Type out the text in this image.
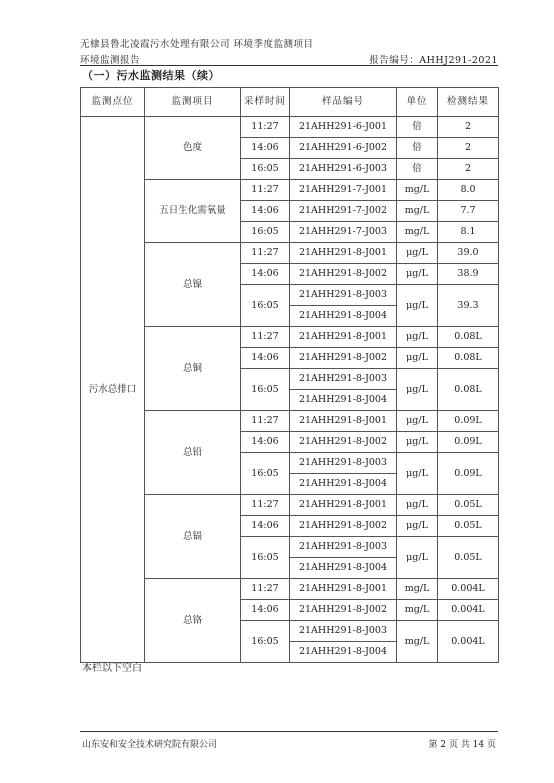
无棣县鲁北凌霞污水处理有限公司 环境季度监测项目
环境监测报告	报告编号：AHHJ291-2021
（一）污水监测结果（续）
监测点位	监测项目	采样时间	样品编号	单位	检测结果
污水总排口	色度	11:27	21AHH291-6-J001	倍	2
		14:06	21AHH291-6-J002	倍	2
		16:05	21AHH291-6-J003	倍	2
	五日生化需氧量	11:27	21AHH291-7-J001	mg/L	8.0
		14:06	21AHH291-7-J002	mg/L	7.7
		16:05	21AHH291-7-J003	mg/L	8.1
	总镍	11:27	21AHH291-8-J001	μg/L	39.0
		14:06	21AHH291-8-J002	μg/L	38.9
		16:05	21AHH291-8-J003	μg/L	39.3
			21AHH291-8-J004		
	总铜	11:27	21AHH291-8-J001	μg/L	0.08L
		14:06	21AHH291-8-J002	μg/L	0.08L
		16:05	21AHH291-8-J003	μg/L	0.08L
			21AHH291-8-J004		
	总铅	11:27	21AHH291-8-J001	μg/L	0.09L
		14:06	21AHH291-8-J002	μg/L	0.09L
		16:05	21AHH291-8-J003	μg/L	0.09L
			21AHH291-8-J004		
	总镉	11:27	21AHH291-8-J001	μg/L	0.05L
		14:06	21AHH291-8-J002	μg/L	0.05L
		16:05	21AHH291-8-J003	μg/L	0.05L
			21AHH291-8-J004		
	总铬	11:27	21AHH291-8-J001	mg/L	0.004L
		14:06	21AHH291-8-J002	mg/L	0.004L
		16:05	21AHH291-8-J003	mg/L	0.004L
			21AHH291-8-J004		
本栏以下空白
山东安和安全技术研究院有限公司	第 2 页 共 14 页
